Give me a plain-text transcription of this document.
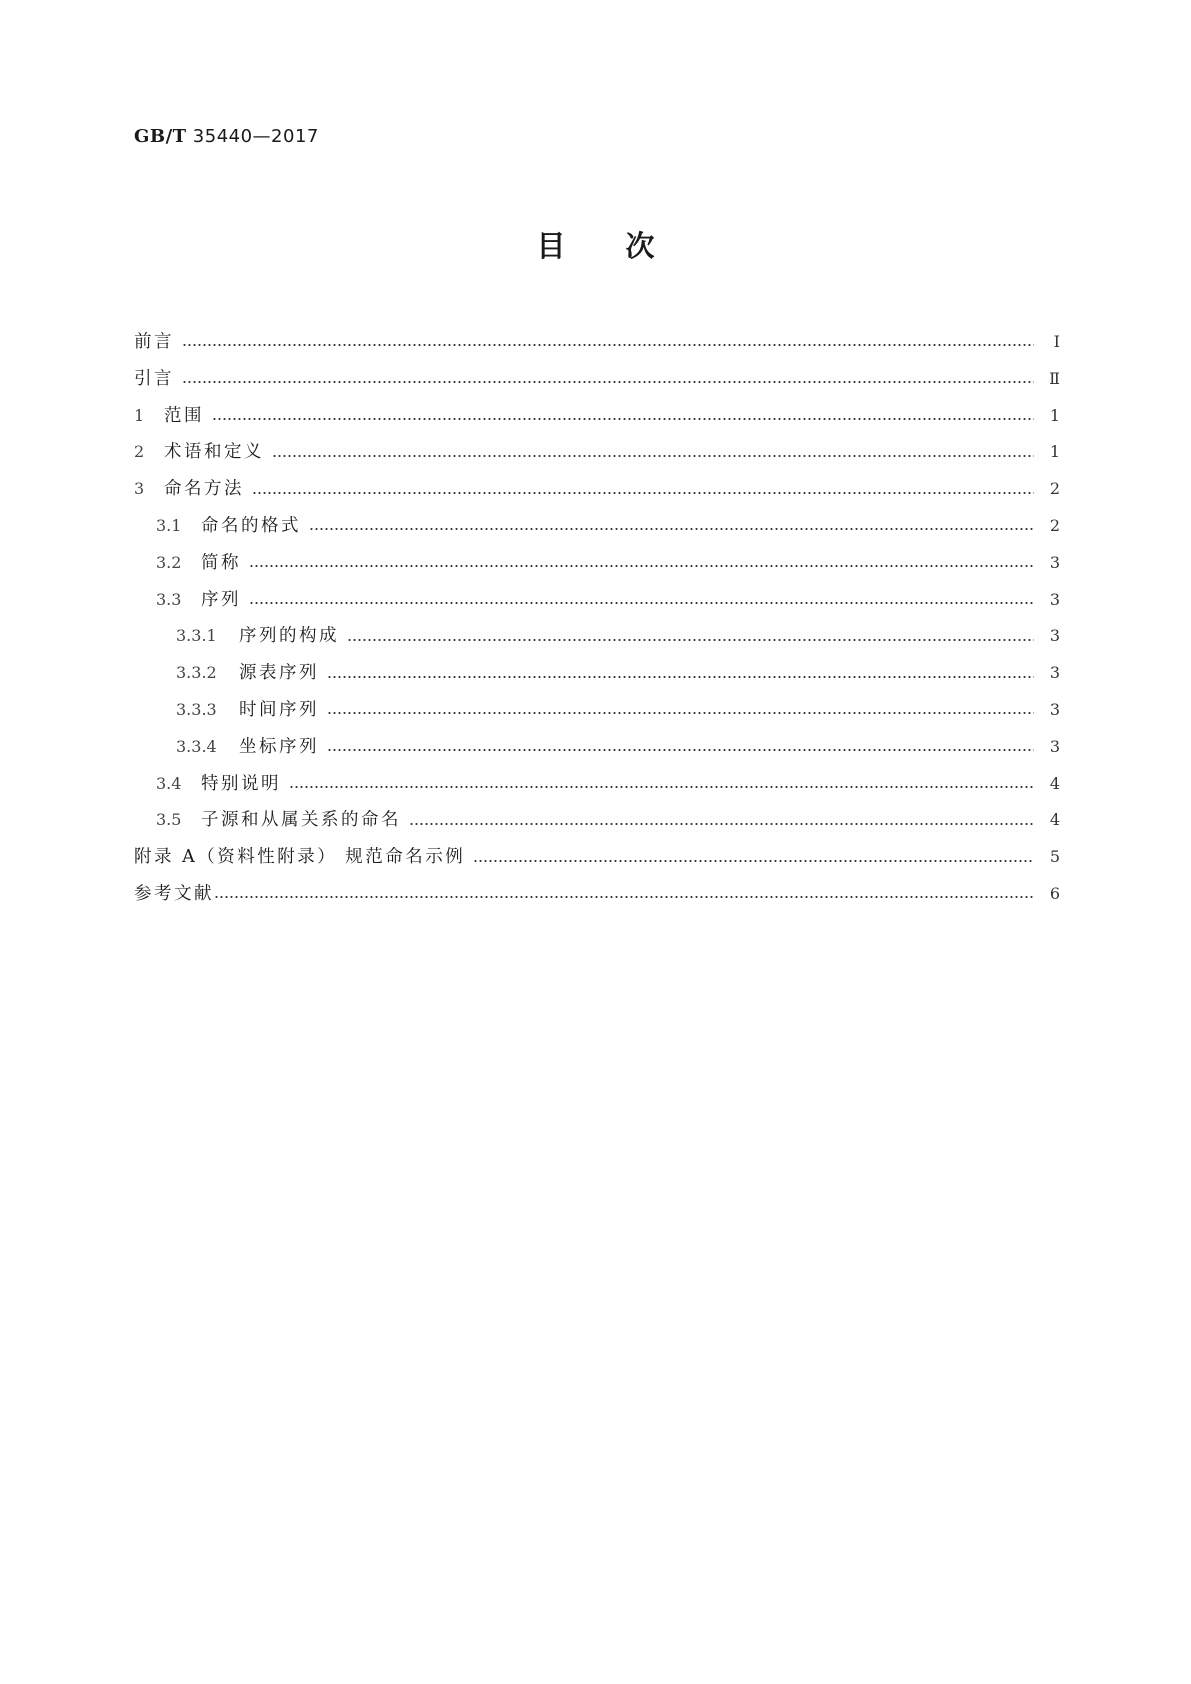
GB/T 35440—2017
目次
前言	Ⅰ
引言	Ⅱ
1	范围	1
2	术语和定义	1
3	命名方法	2
3.1	命名的格式	2
3.2	简称	3
3.3	序列	3
3.3.1	序列的构成	3
3.3.2	源表序列	3
3.3.3	时间序列	3
3.3.4	坐标序列	3
3.4	特别说明	4
3.5	子源和从属关系的命名	4
附录 A（资料性附录） 规范命名示例	5
参考文献	6
